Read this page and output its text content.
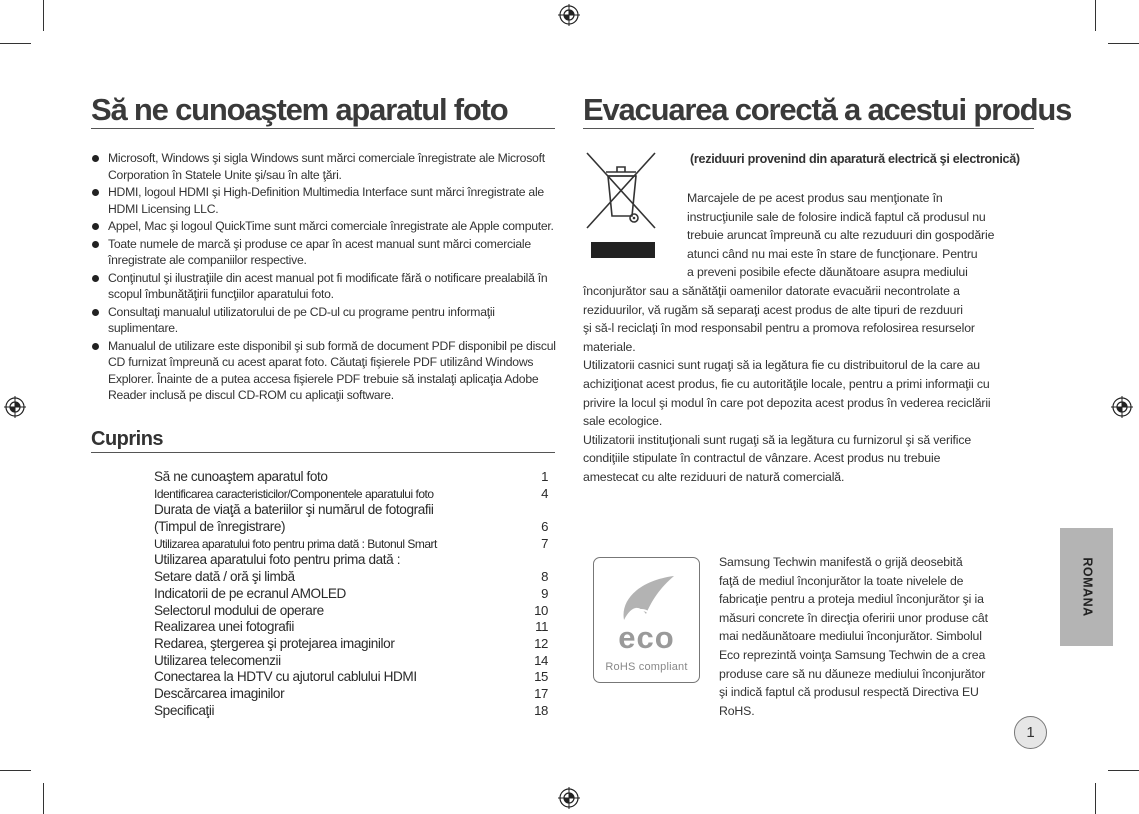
Să ne cunoaştem aparatul foto
Microsoft, Windows şi sigla Windows sunt mărci comerciale înregistrate ale Microsoft Corporation în Statele Unite şi/sau în alte ţări.
HDMI, logoul HDMI şi High-Definition Multimedia Interface sunt mărci înregistrate ale HDMI Licensing LLC.
Appel, Mac şi logoul QuickTime sunt mărci comerciale înregistrate ale Apple computer.
Toate numele de marcă şi produse ce apar în acest manual sunt mărci comerciale înregistrate ale companiilor respective.
Conţinutul şi ilustraţiile din acest manual pot fi modificate fără o notificare prealabilă în scopul îmbunătăţirii funcţiilor aparatului foto.
Consultaţi manualul utilizatorului de pe CD-ul cu programe pentru informaţii suplimentare.
Manualul de utilizare este disponibil şi sub formă de document PDF disponibil pe discul CD furnizat împreună cu acest aparat foto. Căutaţi fişierele PDF utilizând Windows Explorer. Înainte de a putea accesa fişierele PDF trebuie să instalaţi aplicaţia Adobe Reader inclusă pe discul CD-ROM cu aplicaţii software.
Cuprins
Să ne cunoaştem aparatul foto	1
Identificarea caracteristicilor/Componentele aparatului foto	4
Durata de viaţă a bateriilor şi numărul de fotografii
(Timpul de înregistrare)	6
Utilizarea aparatului foto pentru prima dată : Butonul Smart	7
Utilizarea aparatului foto pentru prima dată :
Setare dată / oră şi limbă	8
Indicatorii de pe ecranul AMOLED	9
Selectorul modului de operare	10
Realizarea unei fotografii	11
Redarea, ştergerea şi protejarea imaginilor	12
Utilizarea telecomenzii	14
Conectarea la HDTV cu ajutorul cablului HDMI	15
Descărcarea imaginilor	17
Specificaţii	18
Evacuarea corectă a acestui produs
(reziduuri provenind din aparatură electrică şi electronică)
Marcajele de pe acest produs sau menţionate în
instrucţiunile sale de folosire indică faptul că produsul nu
trebuie aruncat împreună cu alte rezuduuri din gospodărie
atunci când nu mai este în stare de funcţionare. Pentru
a preveni posibile efecte dăunătoare asupra mediului
înconjurător sau a sănătăţii oamenilor datorate evacuării necontrolate a
reziduurilor, vă rugăm să separaţi acest produs de alte tipuri de rezduuri
şi să-l reciclaţi în mod responsabil pentru a promova refolosirea resurselor
materiale.
Utilizatorii casnici sunt rugaţi să ia legătura fie cu distribuitorul de la care au
achiziţionat acest produs, fie cu autorităţile locale, pentru a primi informaţii cu
privire la locul şi modul în care pot depozita acest produs în vederea reciclării
sale ecologice.
Utilizatorii instituţionali sunt rugaţi să ia legătura cu furnizorul şi să verifice
condiţiile stipulate în contractul de vânzare. Acest produs nu trebuie
amestecat cu alte reziduuri de natură comercială.
eco
RoHS compliant
Samsung Techwin manifestă o grijă deosebită
faţă de mediul înconjurător la toate nivelele de
fabricaţie pentru a proteja mediul înconjurător şi ia
măsuri concrete în direcţia oferirii unor produse cât
mai nedăunătoare mediului înconjurător. Simbolul
Eco reprezintă voinţa Samsung Techwin de a crea
produse care să nu dăuneze mediului înconjurător
şi indică faptul că produsul respectă Directiva EU
RoHS.
ROMANA
1
